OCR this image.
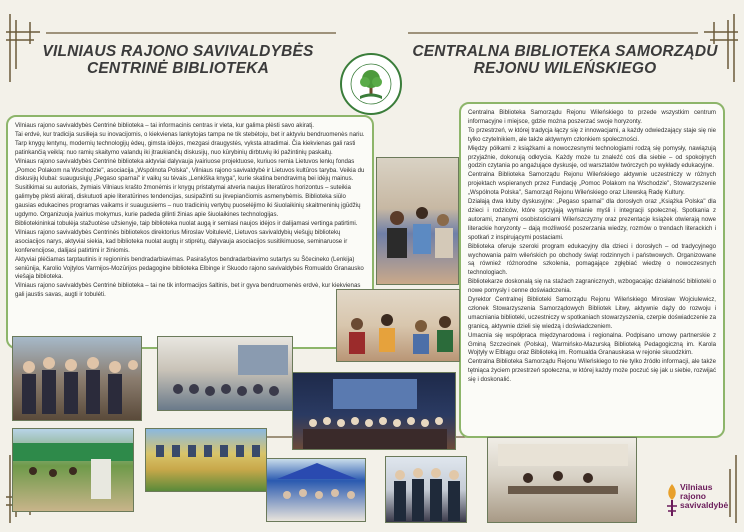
VILNIAUS RAJONO SAVIVALDYBĖS
CENTRINĖ BIBLIOTEKA
CENTRALNA BIBLIOTEKA SAMORZĄDU
REJONU WILEŃSKIEGO

Vilniaus rajono savivaldybės Centrinė biblioteka – tai informacinis centras ir vieta, kur galima plėsti savo akiratį.

Tai erdvė, kur tradicija susilieja su inovacijomis, o kiekvienas lankytojas tampa ne tik stebėtoju, bet ir aktyviu bendruomenės nariu.

Tarp knygų lentynų, modernių technologijų ėdeų, gimsta idėjos, mezgasi draugystės, vyksta atradimai. Čia kiekvienas gali rasti patinkančią veiklą: nuo ramių skaitymo valandų iki įtraukiančių diskusijų, nuo kūrybinių dirbtuvių iki pažintinių paskaitų.

Vilniaus rajono savivaldybės Centrinė biblioteka aktyviai dalyvauja įvairiuose projektuose, kuriuos remia Lietuvos lenkų fondas „Pomoc Polakom na Wschodzie", asociacija „Wspólnota Polska", Vilniaus rajono savivaldybė ir Lietuvos kultūros taryba. Veikia du diskusijų klubai: suaugusiųjų „Pegaso sparnai" ir vaikų su tėvais „Lenkiška knyga", kurie skatina bendravimą bei idėjų mainus. Susitikimai su autoriais, žymiais Vilniaus krašto žmonėmis ir knygų pristatymai atveria naujus literatūros horizontus – suteikia galimybę plėsti akiratį, diskutuoti apie literatūrines tendencijas, susipažinti su įkvepiančiomis asmenybėmis. Biblioteka siūlo gausias edukacines programas vaikams ir suaugusiems – nuo tradicinių vertybų puoselėjimo iki šiuolaikinių skaitmeninių įgūdžių ugdymo. Organizuoja įvairius mokymus, kurie padeda gilinti žinias apie šiuolaikines technologijas.

Bibliotekininkai tobulėja stažuotėse užsienyje, taip biblioteka nuolat augą ir semiasi naujos idėjos ir dalijamasi vertinga patirtimi.

Vilniaus rajono savivaldybės Centrinės bibliotekos direktorius Miroslav Voitulevič, Lietuvos savivaldybių viešųjų bibliotekų asociacijos narys, aktyviai siekia, kad biblioteka nuolat augtų ir stiprėtų, dalyvauja asociacijos susitikimuose, seminaruose ir konferencijose, dalijasi patirtimi ir žiniomis.

Aktyviai plėčiamas tarptautinis ir regioninis bendradarbiavimas. Pasirašytos bendradarbiavimo sutartys su Ščecineko (Lenkija) seniūnija, Karolio Vojtylos Varmijos-Mozūrijos pedagogine biblioteka Elbinge ir Skuodo rajono savivaldybės Romualdo Granausko viešąja biblioteka.

Vilniaus rajono savivaldybės Centrinė biblioteka – tai ne tik informacijos šaltinis, bet ir gyva bendruomenės erdvė, kur kiekvienas gali jaustis savas, augti ir tobulėti.

Centralna Biblioteka Samorządu Rejonu Wileńskiego to przede wszystkim centrum informacyjne i miejsce, gdzie można poszerzać swoje horyzonty.

To przestrzeń, w której tradycja łączy się z innowacjami, a każdy odwiedzający staje się nie tylko czytelnikiem, ale także aktywnym członkiem społeczności.

Między półkami z książkami a nowoczesnymi technologiami rodzą się pomysły, nawiązują przyjaźnie, dokonują odkrycia. Każdy może tu znaleźć coś dla siebie – od spokojnych godzin czytania po angażujące dyskusje, od warsztatów twórczych po wykłady edukacyjne.

Centralna Biblioteka Samorządu Rejonu Wileńskiego aktywnie uczestniczy w różnych projektach wspieranych przez Fundację „Pomoc Polakom na Wschodzie", Stowarzyszenie „Wspólnota Polska", Samorząd Rejonu Wileńskiego oraz Litewską Radę Kultury.

Działają dwa kluby dyskusyjne: „Pegaso sparnai" dla dorosłych oraz „Książka Polska" dla dzieci i rodziców, które sprzyjają wymianie myśli i integracji społecznej. Spotkania z autorami, znanymi osobistościami Wileńszczyzny oraz prezentacje książek otwierają nowe literackie horyzonty – dają możliwość poszerzania wiedzy, rozmów o trendach literackich i spotkań z inspirującymi postaciami.

Biblioteka oferuje szeroki program edukacyjny dla dzieci i dorosłych – od tradycyjnego wychowania palm wileńskich po obchody świąt rodzinnych i państwowych. Organizowane są również różnorodne szkolenia, pomagające zgłębiać wiedzę o nowoczesnych technologiach.

Bibliotekarze doskonalą się na stażach zagranicznych, wzbogacając działalność biblioteki o nowe pomysły i cenne doświadczenia.

Dyrektor Centralnej Biblioteki Samorządu Rejonu Wileńskiego Mirosław Wojciulewicz, członek Stowarzyszenia Samorządowych Bibliotek Litwy, aktywnie dąży do rozwoju i umacniania biblioteki, uczestniczy w spotkaniach stowarzyszenia, czerpie doświadczenie za granicą, aktywnie dzieli się wiedzą i doświadczeniem.

Umacnia się współpraca międzynarodowa i regionalna. Podpisano umowy partnerskie z Gminą Szczecinek (Polska), Warmińsko-Mazurską Biblioteką Pedagogiczną im. Karola Wojtyły w Elblągu oraz Biblioteką im. Romualda Granauskasa w rejonie skuodzkim.

Centralna Biblioteka Samorządu Rejonu Wileńskiego to nie tylko źródło informacji, ale także tętniąca życiem przestrzeń społeczna, w której każdy może poczuć się jak u siebie, rozwijać się i doskonalić.

Vilniaus
rajono
savivaldybė
